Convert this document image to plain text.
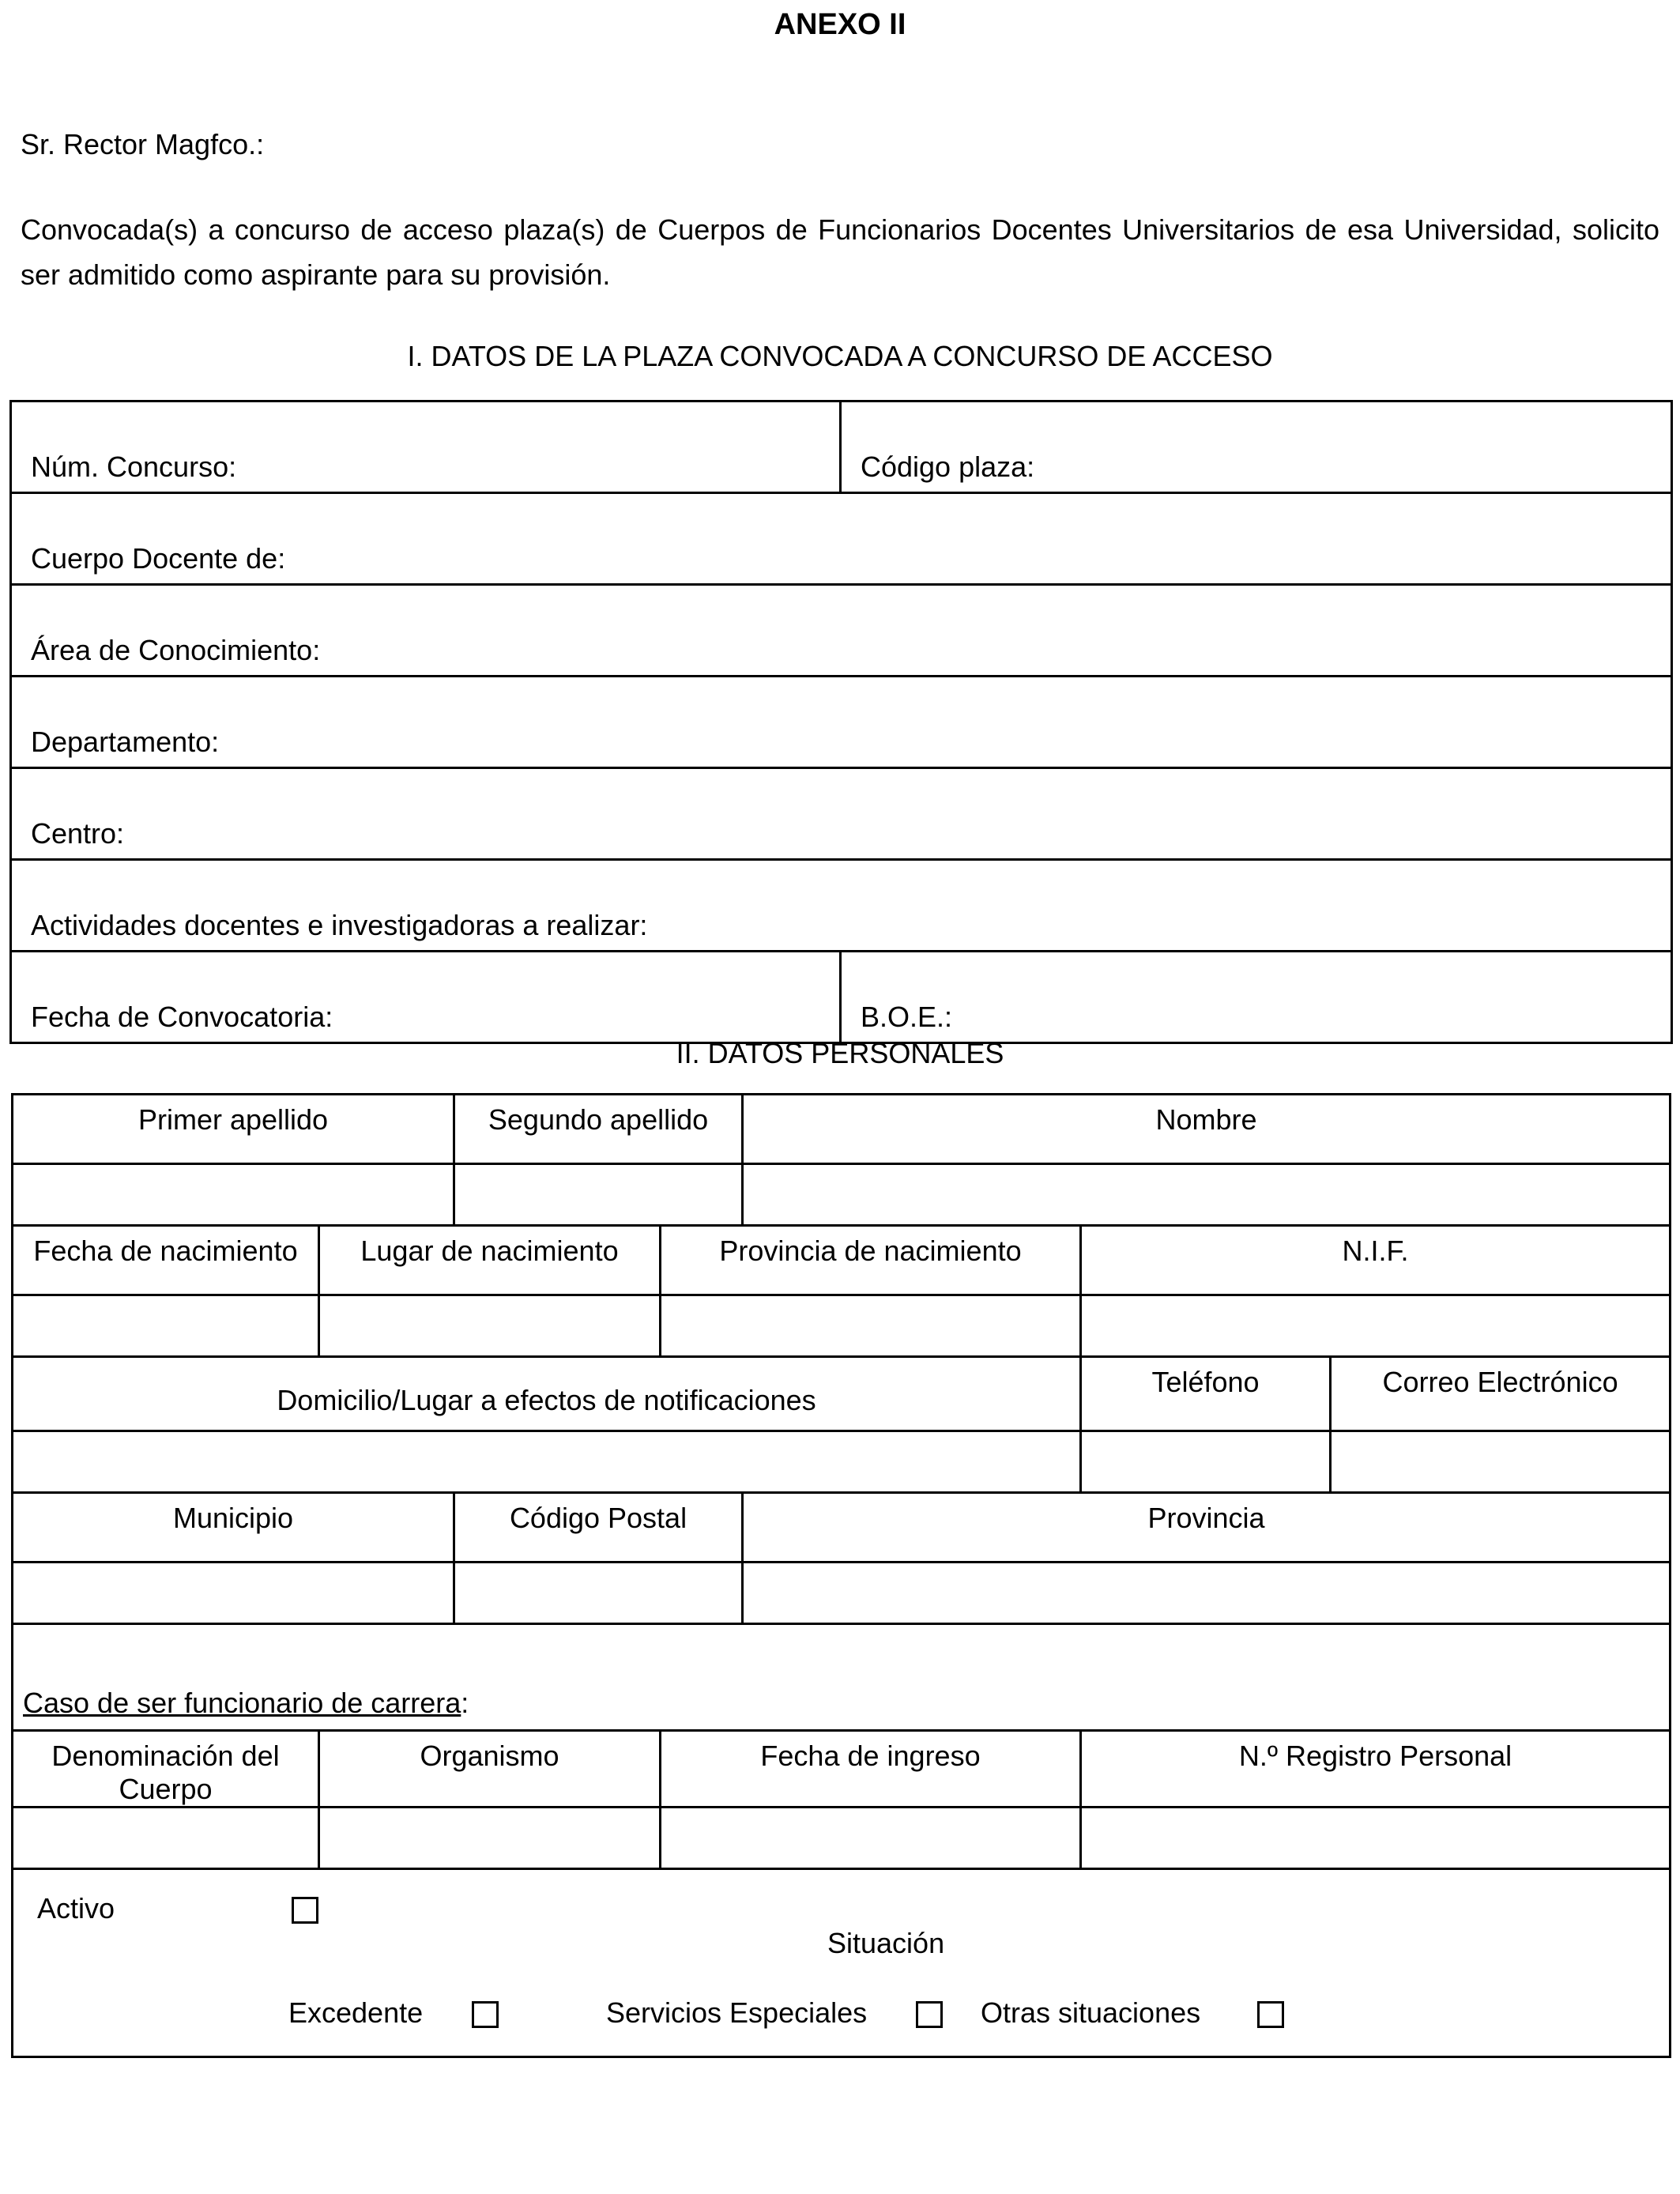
ANEXO II
Sr. Rector Magfco.:
Convocada(s) a concurso de acceso plaza(s) de Cuerpos de Funcionarios Docentes Universitarios de esa Universidad, solicito ser admitido como aspirante para su provisión.
I. DATOS DE LA PLAZA CONVOCADA A CONCURSO DE ACCESO
Núm. Concurso:	Código plaza:
Cuerpo Docente de:	
Área de Conocimiento:	
Departamento:	
Centro:	
Actividades docentes e investigadoras a realizar:	
Fecha de Convocatoria:	B.O.E.:
II. DATOS PERSONALES
Primer apellido		Segundo apellido		Nombre		

Fecha de nacimiento	Lugar de nacimiento		Provincia de nacimiento		N.I.F.	

Domicilio/Lugar a efectos de notificaciones					Teléfono	Correo Electrónico

Municipio		Código Postal		Provincia		

Caso de ser funcionario de carrera:						
Denominación del Cuerpo	Organismo		Fecha de ingreso		N.º Registro Personal	

Activo
Situación
Excedente Servicios Especiales Otras situaciones						
